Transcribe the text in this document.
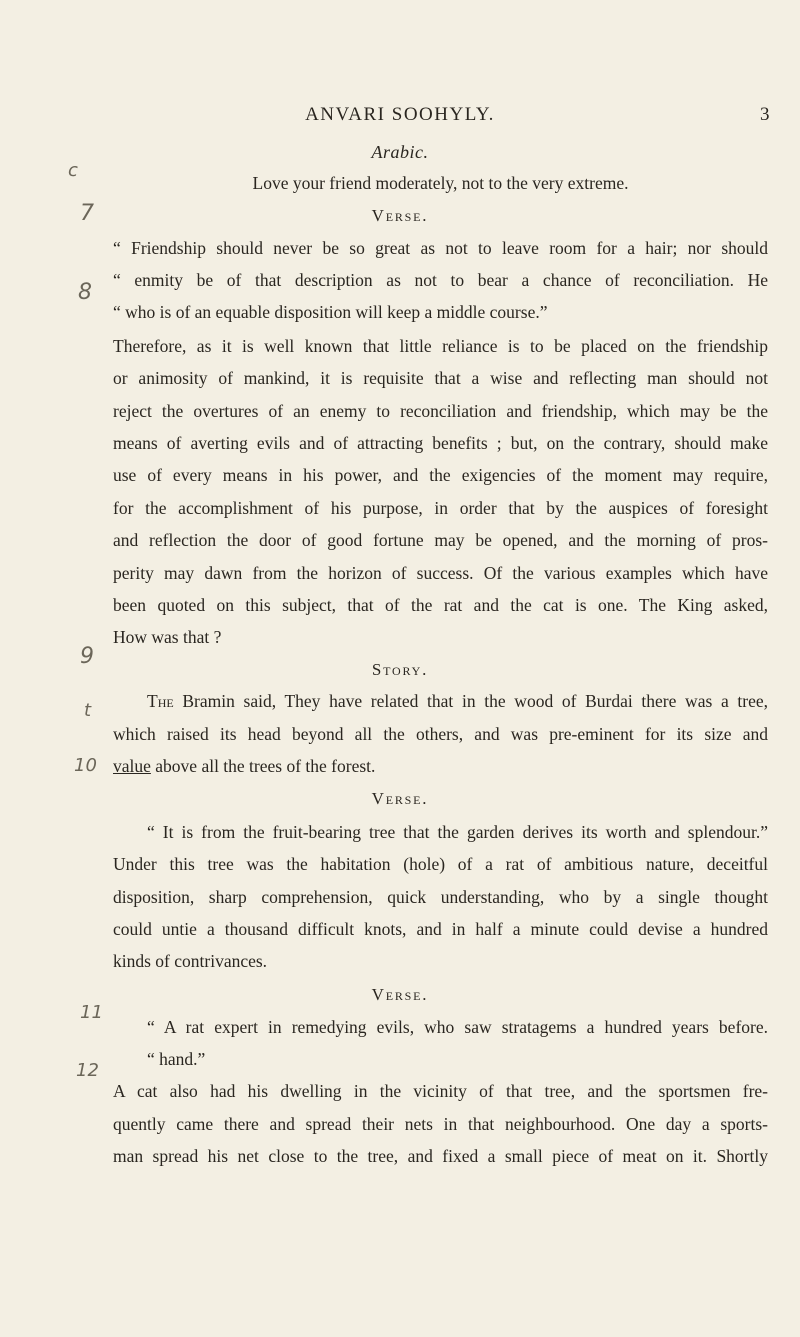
ANVARI SOOHYLY.	3
c
7
8
9
t
10
11
12
Arabic.
Love your friend moderately, not to the very extreme.
Verse.
“ Friendship should never be so great as not to leave room for a hair; nor should
“ enmity be of that description as not to bear a chance of reconciliation. He
“ who is of an equable disposition will keep a middle course.”
Therefore, as it is well known that little reliance is to be placed on the friendship
or animosity of mankind, it is requisite that a wise and reflecting man should not
reject the overtures of an enemy to reconciliation and friendship, which may be the
means of averting evils and of attracting benefits ; but, on the contrary, should make
use of every means in his power, and the exigencies of the moment may require,
for the accomplishment of his purpose, in order that by the auspices of foresight
and reflection the door of good fortune may be opened, and the morning of pros-
perity may dawn from the horizon of success. Of the various examples which have
been quoted on this subject, that of the rat and the cat is one. The King asked,
How was that ?
Story.
The Bramin said, They have related that in the wood of Burdai there was a tree,
which raised its head beyond all the others, and was pre-eminent for its size and
value above all the trees of the forest.
Verse.
“ It is from the fruit-bearing tree that the garden derives its worth and splendour.”
Under this tree was the habitation (hole) of a rat of ambitious nature, deceitful
disposition, sharp comprehension, quick understanding, who by a single thought
could untie a thousand difficult knots, and in half a minute could devise a hundred
kinds of contrivances.
Verse.
“ A rat expert in remedying evils, who saw stratagems a hundred years before.
“ hand.”
A cat also had his dwelling in the vicinity of that tree, and the sportsmen fre-
quently came there and spread their nets in that neighbourhood. One day a sports-
man spread his net close to the tree, and fixed a small piece of meat on it. Shortly
